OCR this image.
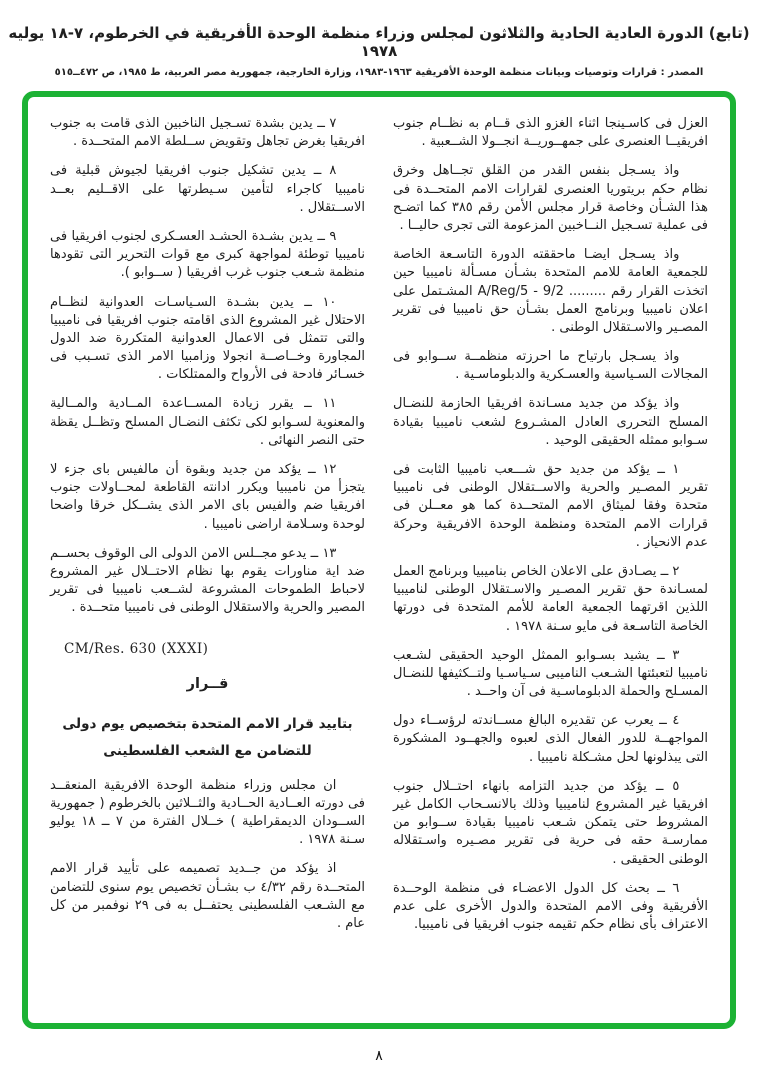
(تابع) الدورة العادية الحادية والثلاثون لمجلس وزراء منظمة الوحدة الأفريقية في الخرطوم، ٧-١٨ يوليه ١٩٧٨
المصدر : قرارات وتوصيات وبيانات منظمة الوحدة الأفريقية ١٩٦٣-١٩٨٣، وزارة الخارجية، جمهورية مصر العربية، ط ١٩٨٥، ص ٤٧٢ــ٥١٥

العزل فى كاسـينجا اثناء الغزو الذى قــام به نظــام جنوب افريقيــا العنصرى على جمهــوريــة انجــولا الشــعبية .

واذ يسـجل بنفس القدر من القلق تجــاهل وخرق نظام حكم بريتوريا العنصرى لقرارات الامم المتحــدة فى هذا الشـأن وخاصة قرار مجلس الأمن رقم ٣٨٥ كما اتضـح فى عملية تسـجيل النــاخبين المزعومة التى تجرى حاليــا .

واذ يسـجل ايضـا ماحققته الدورة التاسـعة الخاصة للجمعية العامة للامم المتحدة بشـأن مسـألة ناميبيا حين اتخذت القرار رقم ......... A/Reg/5 - 9/2 المشـتمل على اعلان ناميبيا وبرنامج العمل بشـأن حق ناميبيا فى تقرير المصـير والاسـتقلال الوطنى .

واذ يسـجل بارتياح ما احرزته منظمــة ســوابو فى المجالات السـياسية والعسـكرية والدبلوماسـية .

واذ يؤكد من جديد مسـاندة افريقيا الحازمة للنضـال المسلح التحررى العادل المشـروع لشعب ناميبيا بقيادة سـوابو ممثله الحقيقى الوحيد .

١ ــ يؤكد من جديد حق شـــعب ناميبيا الثابت فى تقرير المصـير والحرية والاســتقلال الوطنى فى ناميبيا متحدة وفقا لميثاق الامم المتحــدة كما هو معــلن فى قرارات الامم المتحدة ومنظمة الوحدة الافريقية وحركة عدم الانحياز .

٢ ــ يصـادق على الاعلان الخاص بناميبيا وبرنامج العمل لمسـاندة حق تقرير المصـير والاسـتقلال الوطنى لناميبيا اللذين اقرتهما الجمعية العامة للأمم المتحدة فى دورتها الخاصة التاسـعة فى مايو سـنة ١٩٧٨ .

٣ ــ يشيد بسـوابو الممثل الوحيد الحقيقى لشـعب ناميبيا لتعبئتها الشـعب الناميبى سـياسـيا ولتــكثيفها للنضـال المسـلح والحملة الدبلوماسـية فى آن واحــد .

٤ ــ يعرب عن تقديره البالغ مســاندته لرؤســاء دول المواجهــة للدور الفعال الذى لعبوه والجهــود المشكورة التى يبذلونها لحل مشـكلة ناميبيا .

٥ ــ يؤكد من جديد التزامه بانهاء احتــلال جنوب افريقيا غير المشروع لناميبيا وذلك بالانسـحاب الكامل غير المشروط حتى يتمكن شـعب ناميبيا بقيادة ســوابو من ممارسـة حقه فى حرية فى تقرير مصـيره واسـتقلاله الوطنى الحقيقى .

٦ ــ بحث كل الدول الاعضـاء فى منظمة الوحــدة الأفريقية وفى الامم المتحدة والدول الأخرى على عدم الاعتراف بأى نظام حكم تقيمه جنوب افريقيا فى ناميبيا.

٧ ــ يدين بشدة تسـجيل الناخبين الذى قامت به جنوب افريقيا بغرض تجاهل وتقويض ســلطة الامم المتحــدة .

٨ ــ يدين تشكيل جنوب افريقيا لجيوش قبلية فى ناميبيا كاجراء لتأمين سـيطرتها على الاقــليم بعــد الاســتقلال .

٩ ــ يدين بشـدة الحشـد العسـكرى لجنوب افريقيا فى ناميبيا توطئة لمواجهة كبرى مع قوات التحرير التى تقودها منظمة شـعب جنوب غرب افريقيا ( ســوابو ).

١٠ ــ يدين بشـدة السـياسـات العدوانية لنظــام الاحتلال غير المشروع الذى اقامته جنوب افريقيا فى ناميبيا والتى تتمثل فى الاعمال العدوانية المتكررة ضد الدول المجاورة وخــاصــة انجولا وزامبيا الامر الذى تسـبب فى خسـائر فادحة فى الأرواح والممتلكات .

١١ ــ يقرر زيادة المســاعدة المــادية والمــالية والمعنوية لسـوابو لكى تكثف النضـال المسلح وتظــل يقظة حتى النصر النهائى .

١٢ ــ يؤكد من جديد وبقوة أن مالفيس باى جزء لا يتجزأ من ناميبيا ويكرر ادانته القاطعة لمحــاولات جنوب افريقيا ضم والفيس باى الامر الذى يشــكل خرقا واضحا لوحدة وسـلامة اراضى ناميبيا .

١٣ ــ يدعو مجــلس الامن الدولى الى الوقوف بحســم ضد اية مناورات يقوم بها نظام الاحتــلال غير المشروع لاحباط الطموحات المشروعة لشــعب ناميبيا فى تقرير المصير والحرية والاستقلال الوطنى فى ناميبيا متحــدة .

CM/Res. 630 (XXXI)
قــرار
بتاييد قرار الامم المتحدة بتخصيص يوم دولى
للتضامن مع الشعب الفلسطينى

ان مجلس وزراء منظمة الوحدة الافريقية المنعقــد فى دورته العــادية الحــادية والثــلاثين بالخرطوم ( جمهورية الســودان الديمقراطية ) خــلال الفترة من ٧ ــ ١٨ يوليو سـنة ١٩٧٨ .

اذ يؤكد من جــديد تصميمه على تأييد قرار الامم المتحــدة رقم ٤/٣٢ ب بشـأن تخصيص يوم سنوى للتضامن مع الشـعب الفلسطينى يحتفــل به فى ٢٩ نوفمبر من كل عام .

٨
